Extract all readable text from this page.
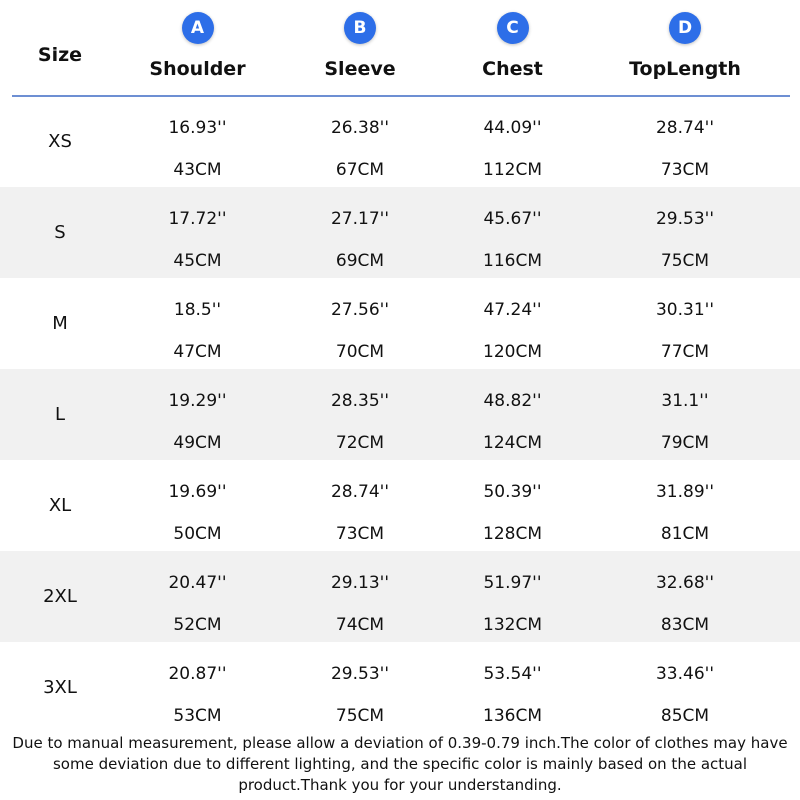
Size
A
Shoulder
B
Sleeve
C
Chest
D
TopLength
XS
16.93''
43CM
26.38''
67CM
44.09''
112CM
28.74''
73CM
S
17.72''
45CM
27.17''
69CM
45.67''
116CM
29.53''
75CM
M
18.5''
47CM
27.56''
70CM
47.24''
120CM
30.31''
77CM
L
19.29''
49CM
28.35''
72CM
48.82''
124CM
31.1''
79CM
XL
19.69''
50CM
28.74''
73CM
50.39''
128CM
31.89''
81CM
2XL
20.47''
52CM
29.13''
74CM
51.97''
132CM
32.68''
83CM
3XL
20.87''
53CM
29.53''
75CM
53.54''
136CM
33.46''
85CM
Due to manual measurement, please allow a deviation of 0.39-0.79 inch.The color of clothes may have some deviation due to different lighting, and the specific color is mainly based on the actual product.Thank you for your understanding.
